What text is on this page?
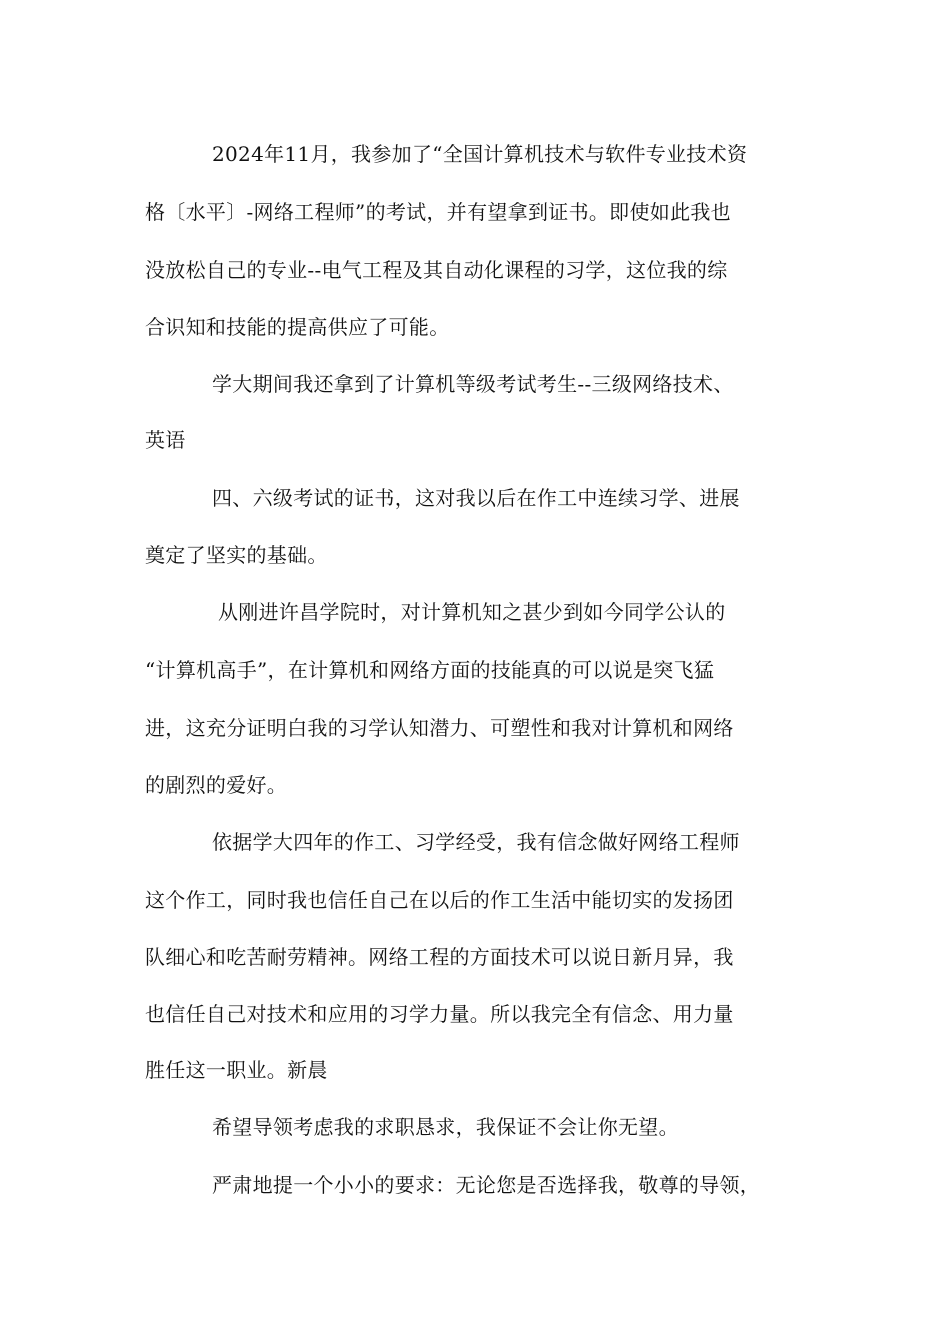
2024年11月，我参加了“全国计算机技术与软件专业技术资
格〔水平〕-网络工程师”的考试，并有望拿到证书。即使如此我也
没放松自己的专业--电气工程及其自动化课程的习学，这位我的综
合识知和技能的提高供应了可能。
学大期间我还拿到了计算机等级考试考生--三级网络技术、
英语
四、六级考试的证书，这对我以后在作工中连续习学、进展
奠定了坚实的基础。
从刚进许昌学院时，对计算机知之甚少到如今同学公认的
“计算机高手”，在计算机和网络方面的技能真的可以说是突飞猛
进，这充分证明白我的习学认知潜力、可塑性和我对计算机和网络
的剧烈的爱好。
依据学大四年的作工、习学经受，我有信念做好网络工程师
这个作工，同时我也信任自己在以后的作工生活中能切实的发扬团
队细心和吃苦耐劳精神。网络工程的方面技术可以说日新月异，我
也信任自己对技术和应用的习学力量。所以我完全有信念、用力量
胜任这一职业。新晨
希望导领考虑我的求职恳求，我保证不会让你无望。
严肃地提一个小小的要求：无论您是否选择我，敬尊的导领，
